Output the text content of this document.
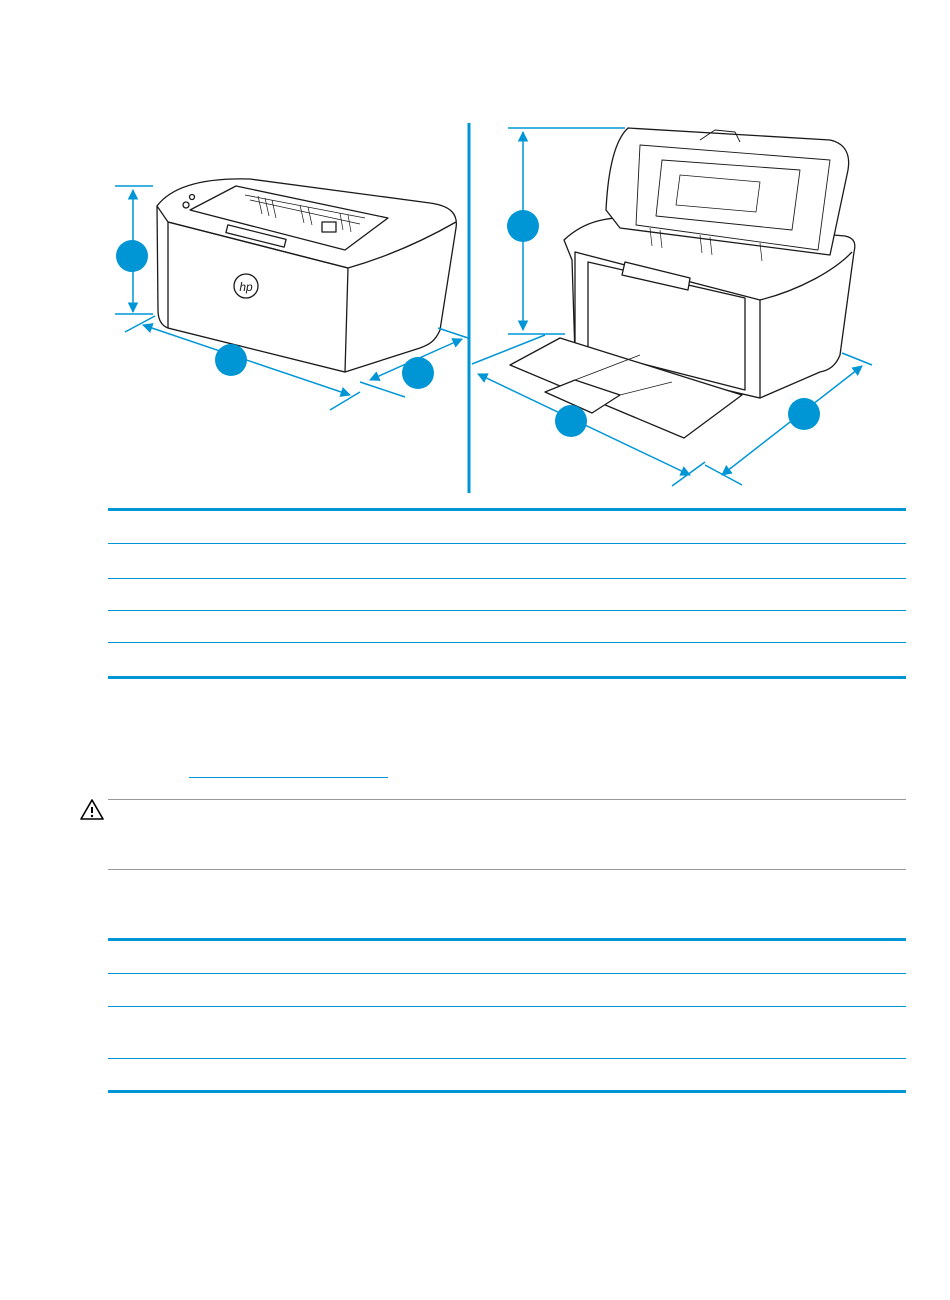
hp
